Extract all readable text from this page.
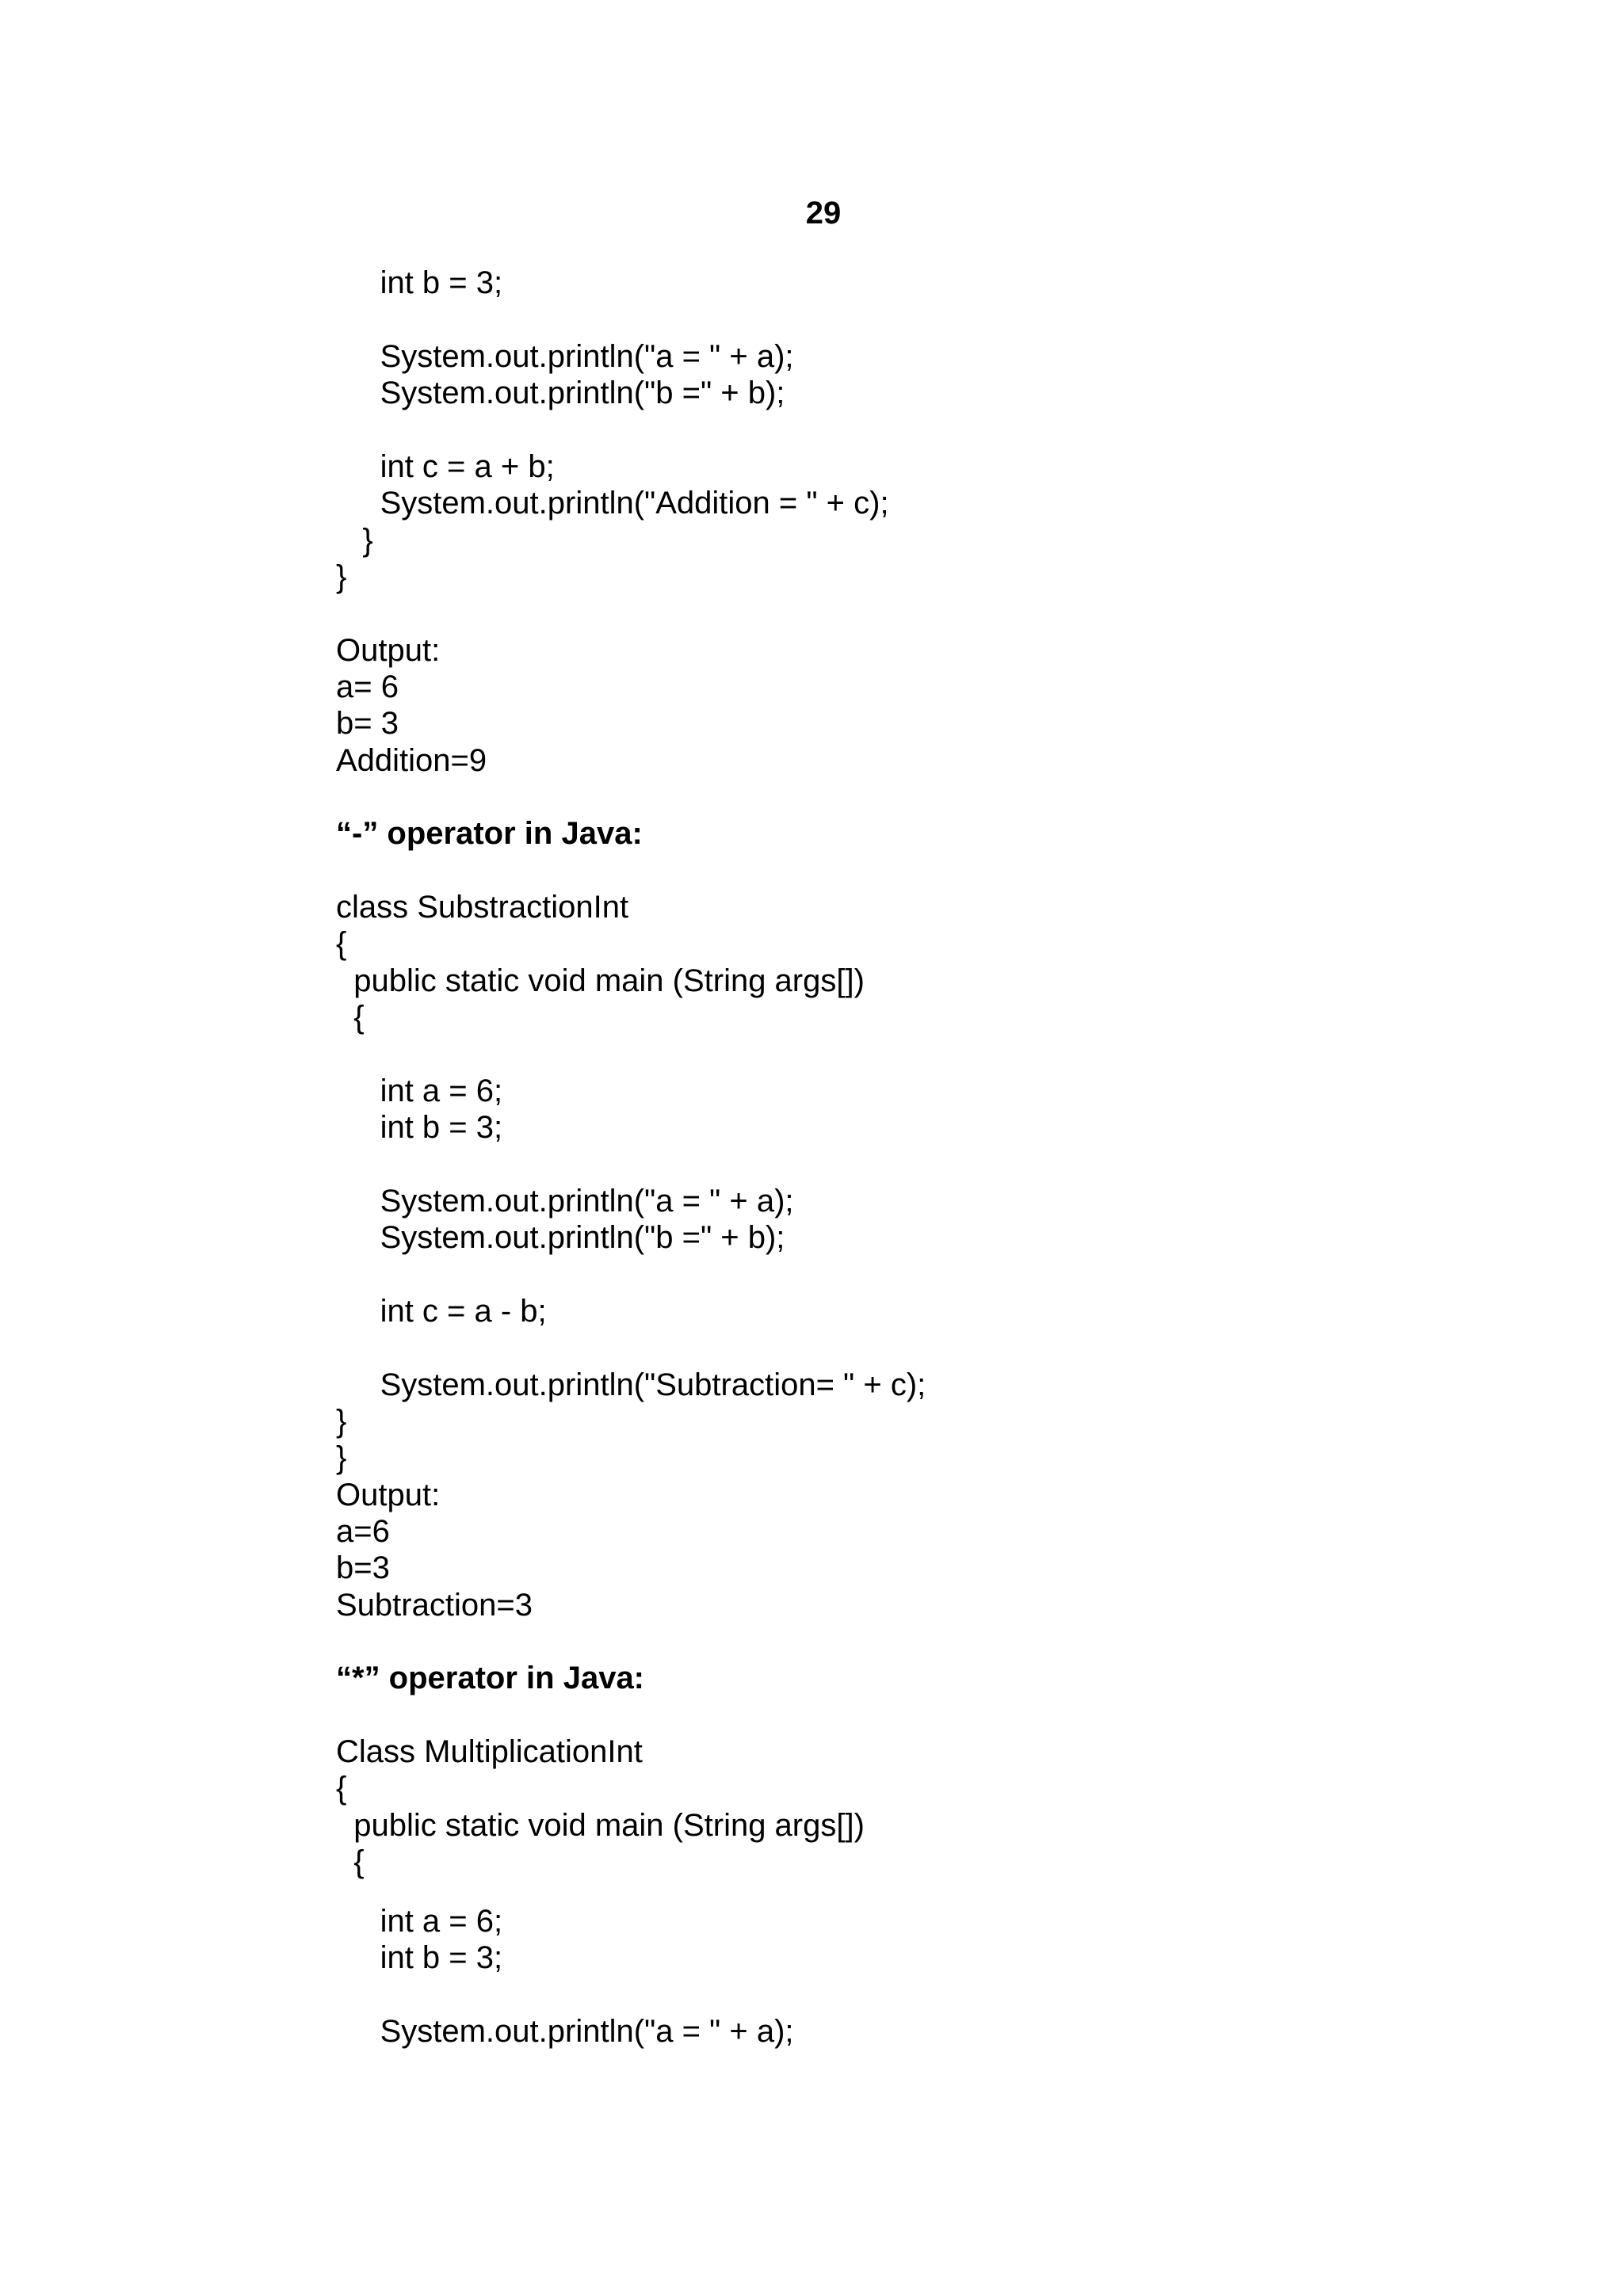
29
int b = 3;
System.out.println("a = " + a);
System.out.println("b =" + b);
int c = a + b;
System.out.println("Addition = " + c);
}
}
Output:
a= 6
b= 3
Addition=9
“-” operator in Java:
class SubstractionInt
{
public static void main (String args[])
{
int a = 6;
int b = 3;
System.out.println("a = " + a);
System.out.println("b =" + b);
int c = a - b;
System.out.println("Subtraction= " + c);
}
}
Output:
a=6
b=3
Subtraction=3
“*” operator in Java:
Class MultiplicationInt
{
public static void main (String args[])
{
int a = 6;
int b = 3;
System.out.println("a = " + a);
